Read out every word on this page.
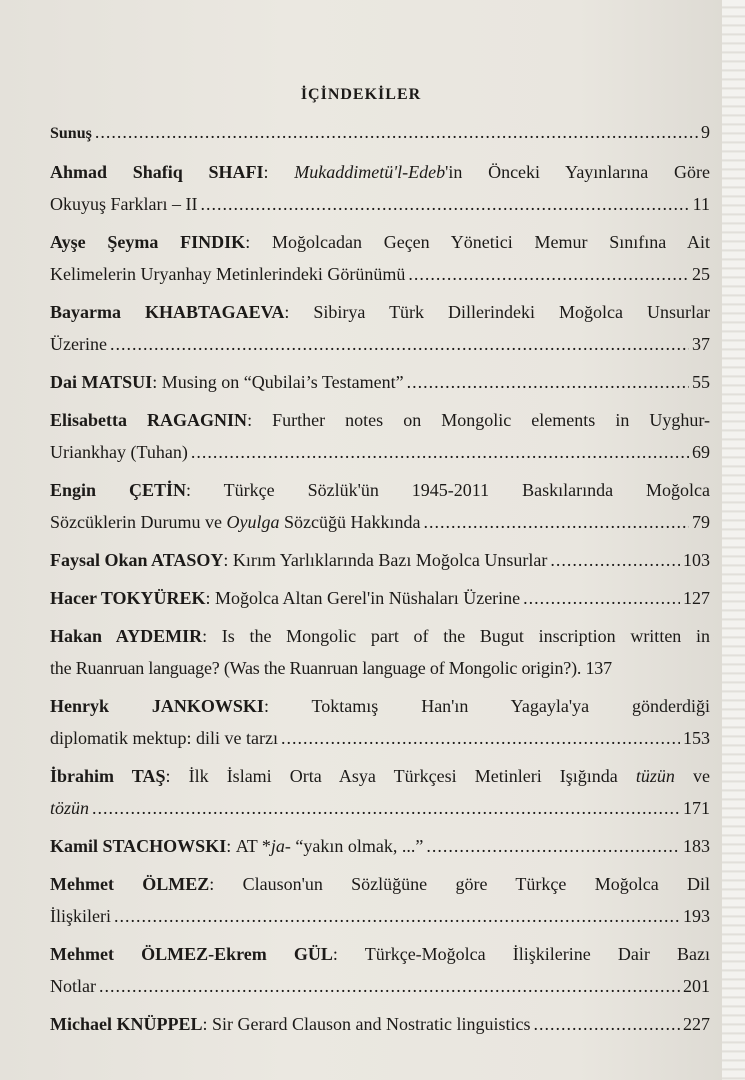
İÇİNDEKİLER
Sunuş .....	9
Ahmad Shafiq SHAFI: Mukaddimetü'l-Edeb'in Önceki Yayınlarına Göre
Okuyuş Farkları – II .....	11
Ayşe Şeyma FINDIK: Moğolcadan Geçen Yönetici Memur Sınıfına Ait
Kelimelerin Uryanhay Metinlerindeki Görünümü .....	25
Bayarma KHABTAGAEVA: Sibirya Türk Dillerindeki Moğolca Unsurlar
Üzerine .....	37
Dai MATSUI :
Musing on “Qubilai’s Testament” .....	55
Elisabetta RAGAGNIN: Further notes on Mongolic elements in Uyghur-
Uriankhay (Tuhan) .....	69
Engin ÇETİN: Türkçe Sözlük'ün 1945-2011 Baskılarında Moğolca
Sözcüklerin Durumu ve Oyulga Sözcüğü Hakkında .....	79
Faysal Okan ATASOY :
Kırım Yarlıklarında Bazı Moğolca Unsurlar .....	103
Hacer TOKYÜREK :
Moğolca Altan Gerel'in Nüshaları Üzerine .....	127
Hakan AYDEMIR: Is the Mongolic part of the Bugut inscription written in
the Ruanruan language? (Was the Ruanruan language of Mongolic origin?).
137
Henryk JANKOWSKI: Toktamış Han'ın Yagayla'ya gönderdiği
diplomatik mektup: dili ve tarzı .....	153
İbrahim TAŞ: İlk İslami Orta Asya Türkçesi Metinleri Işığında tüzün ve
tözün .....	171
Kamil STACHOWSKI :
AT * ja- “yakın olmak, ...” .....	183
Mehmet ÖLMEZ: Clauson'un Sözlüğüne göre Türkçe Moğolca Dil
İlişkileri .....	193
Mehmet ÖLMEZ-Ekrem GÜL: Türkçe-Moğolca İlişkilerine Dair Bazı
Notlar .....	201
Michael KNÜPPEL :
Sir Gerard Clauson and Nostratic linguistics .....	227
